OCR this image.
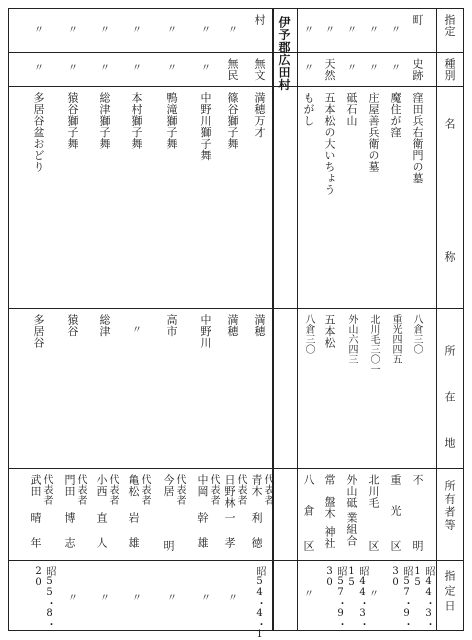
指定
種別
名　　　　　　称
所　在　地
所有者等
指定日
伊予郡広田村	町
史跡
窪田兵右衛門の墓
八倉三〇
不
明
昭44・3・15
〃
〃
魔住が窪
重光四四五
重
光
区
昭57・9・30
〃
〃
庄屋善兵衛の墓
北川毛三〇一
北川毛
区
〃
〃
〃
砥石山
外山六四三
外山砥
業組合
昭44・3・15
〃
天然
五本松の大いちょう
五本松
常
盤木
神社
昭57・9・30
〃
〃
もがし
八倉三〇
八
倉
区
〃
村
無文
満穂万才
満穂
代表者
青木
利徳
昭54・4・1
〃
無民
篠谷獅子舞
満穂
代表者
日野林
一孝
〃
〃
〃
中野川獅子舞
中野川
代表者
中岡
幹雄
〃
〃
〃
鴨滝獅子舞
高市
代表者
今居
明
〃
〃
〃
本村獅子舞
〃
代表者
亀松
岩雄
〃
〃
〃
総津獅子舞
総津
代表者
小西
直人
〃
〃
〃
猿谷獅子舞
猿谷
代表者
門田
博志
〃
〃
〃
多居谷盆おどり
多居谷
代表者
武田
晴年
昭55・8・20
